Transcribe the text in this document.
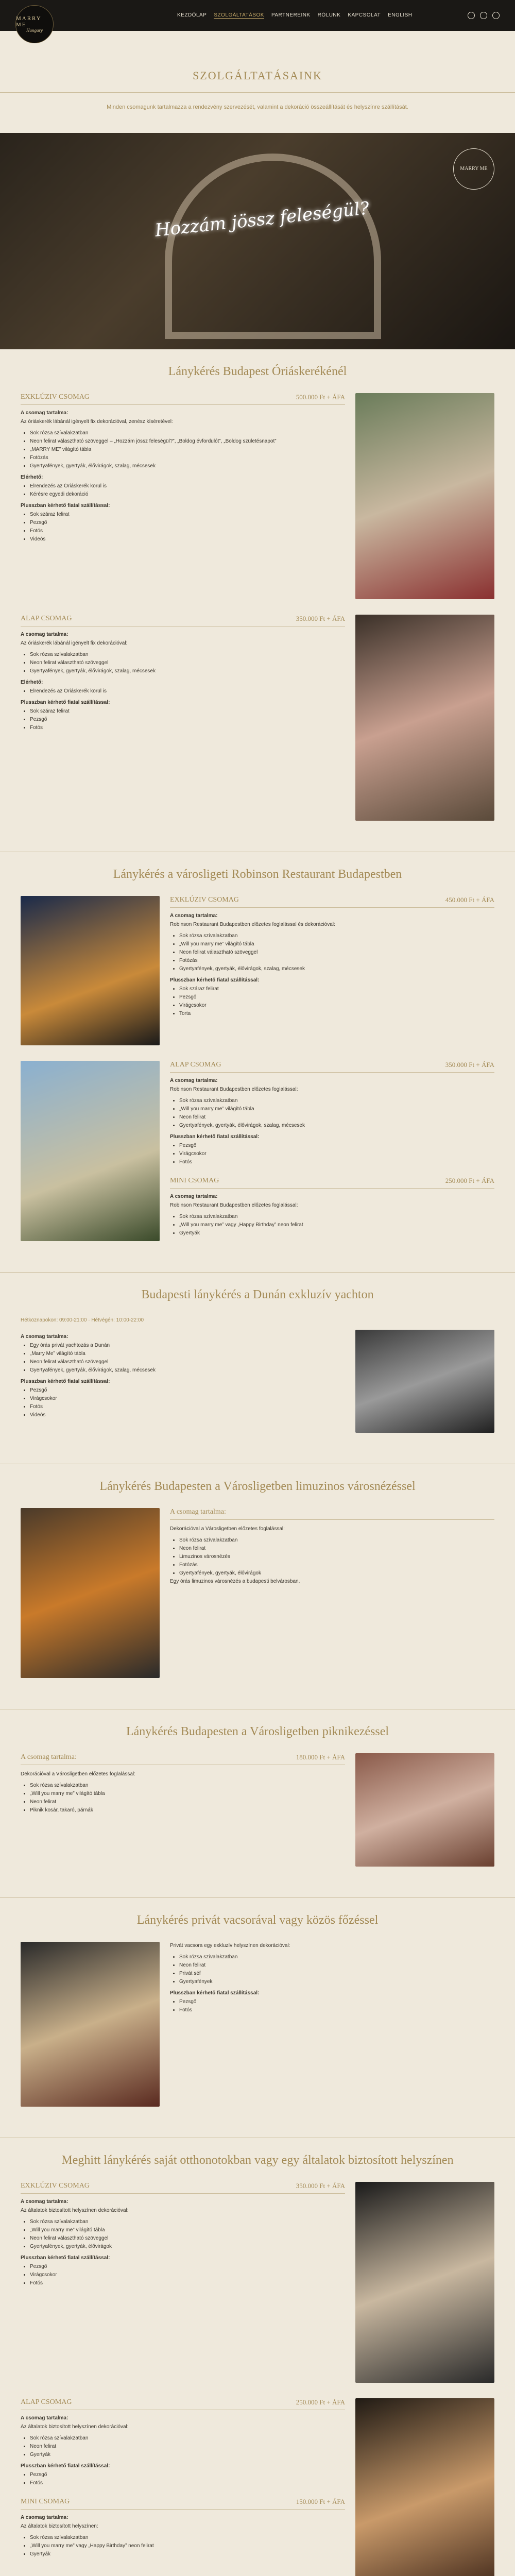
MARRY ME
Hungary
KEZDŐLAP SZOLGÁLTATÁSOK PARTNEREINK RÓLUNK KAPCSOLAT ENGLISH
SZOLGÁLTATÁSAINK

Minden csomagunk tartalmazza a rendezvény szervezését, valamint a dekoráció összeállítását és helyszínre szállítását.

Hozzám jössz feleségül?
MARRY ME
Lánykérés Budapest Óriáskerékénél
EXKLÚZIV CSOMAG	500.000 Ft + ÁFA
A csomag tartalma:

Az óriáskerék lábánál igényelt fix dekorációval, zenész kíséretével:

• Sok rózsa szívalakzatban
• Neon felirat választható szöveggel – „Hozzám jössz feleségül?”, „Boldog évfordulót”, „Boldog születésnapot”
• „MARRY ME” világító tábla
• Fotózás
• Gyertyafények, gyertyák, élővirágok, szalag, mécsesek
Elérhető:
• Elrendezés az Óriáskerék körül is
• Kérésre egyedi dekoráció
Plusszban kérhető fiatal szállítással:
• Sok száraz felirat
• Pezsgő
• Fotós
• Videós
ALAP CSOMAG	350.000 Ft + ÁFA
A csomag tartalma:

Az óriáskerék lábánál igényelt fix dekorációval:

• Sok rózsa szívalakzatban
• Neon felirat választható szöveggel
• Gyertyafények, gyertyák, élővirágok, szalag, mécsesek
Elérhető:
• Elrendezés az Óriáskerék körül is
Plusszban kérhető fiatal szállítással:
• Sok száraz felirat
• Pezsgő
• Fotós
Lánykérés a városligeti Robinson Restaurant Budapestben
EXKLÚZIV CSOMAG	450.000 Ft + ÁFA
A csomag tartalma:

Robinson Restaurant Budapestben előzetes foglalással és dekorációval:

• Sok rózsa szívalakzatban
• „Will you marry me” világító tábla
• Neon felirat választható szöveggel
• Fotózás
• Gyertyafények, gyertyák, élővirágok, szalag, mécsesek
Plusszban kérhető fiatal szállítással:
• Sok száraz felirat
• Pezsgő
• Virágcsokor
• Torta
ALAP CSOMAG	350.000 Ft + ÁFA
A csomag tartalma:

Robinson Restaurant Budapestben előzetes foglalással:

• Sok rózsa szívalakzatban
• „Will you marry me” világító tábla
• Neon felirat
• Gyertyafények, gyertyák, élővirágok, szalag, mécsesek
Plusszban kérhető fiatal szállítással:
• Pezsgő
• Virágcsokor
• Fotós
MINI CSOMAG	250.000 Ft + ÁFA
A csomag tartalma:

Robinson Restaurant Budapestben előzetes foglalással:

• Sok rózsa szívalakzatban
• „Will you marry me” vagy „Happy Birthday” neon felirat
• Gyertyák
Budapesti lánykérés a Dunán exkluzív yachton

Hétköznapokon: 09:00-21:00 · Hétvégén: 10:00-22:00

A csomag tartalma:
• Egy órás privát yachtozás a Dunán
• „Marry Me” világító tábla
• Neon felirat választható szöveggel
• Gyertyafények, gyertyák, élővirágok, szalag, mécsesek
Plusszban kérhető fiatal szállítással:
• Pezsgő
• Virágcsokor
• Fotós
• Videós
Lánykérés Budapesten a Városligetben limuzinos városnézéssel
A csomag tartalma:

Dekorációval a Városligetben előzetes foglalással:

• Sok rózsa szívalakzatban
• Neon felirat
• Limuzinos városnézés
• Fotózás
• Gyertyafények, gyertyák, élővirágok

Egy órás limuzinos városnézés a budapesti belvárosban.

Lánykérés Budapesten a Városligetben piknikezéssel
A csomag tartalma:	180.000 Ft + ÁFA

Dekorációval a Városligetben előzetes foglalással:

• Sok rózsa szívalakzatban
• „Will you marry me” világító tábla
• Neon felirat
• Piknik kosár, takaró, párnák
Lánykérés privát vacsorával vagy közös főzéssel

Privát vacsora egy exkluzív helyszínen dekorációval:

• Sok rózsa szívalakzatban
• Neon felirat
• Privát séf
• Gyertyafények
Plusszban kérhető fiatal szállítással:
• Pezsgő
• Fotós
Meghitt lánykérés saját otthonotokban vagy egy általatok biztosított helyszínen
EXKLÚZIV CSOMAG	350.000 Ft + ÁFA
A csomag tartalma:

Az általatok biztosított helyszínen dekorációval:

• Sok rózsa szívalakzatban
• „Will you marry me” világító tábla
• Neon felirat választható szöveggel
• Gyertyafények, gyertyák, élővirágok
Plusszban kérhető fiatal szállítással:
• Pezsgő
• Virágcsokor
• Fotós
ALAP CSOMAG	250.000 Ft + ÁFA
A csomag tartalma:

Az általatok biztosított helyszínen dekorációval:

• Sok rózsa szívalakzatban
• Neon felirat
• Gyertyák
Plusszban kérhető fiatal szállítással:
• Pezsgő
• Fotós
MINI CSOMAG	150.000 Ft + ÁFA
A csomag tartalma:

Az általatok biztosított helyszínen:

• Sok rózsa szívalakzatban
• „Will you marry me” vagy „Happy Birthday” neon felirat
• Gyertyák
